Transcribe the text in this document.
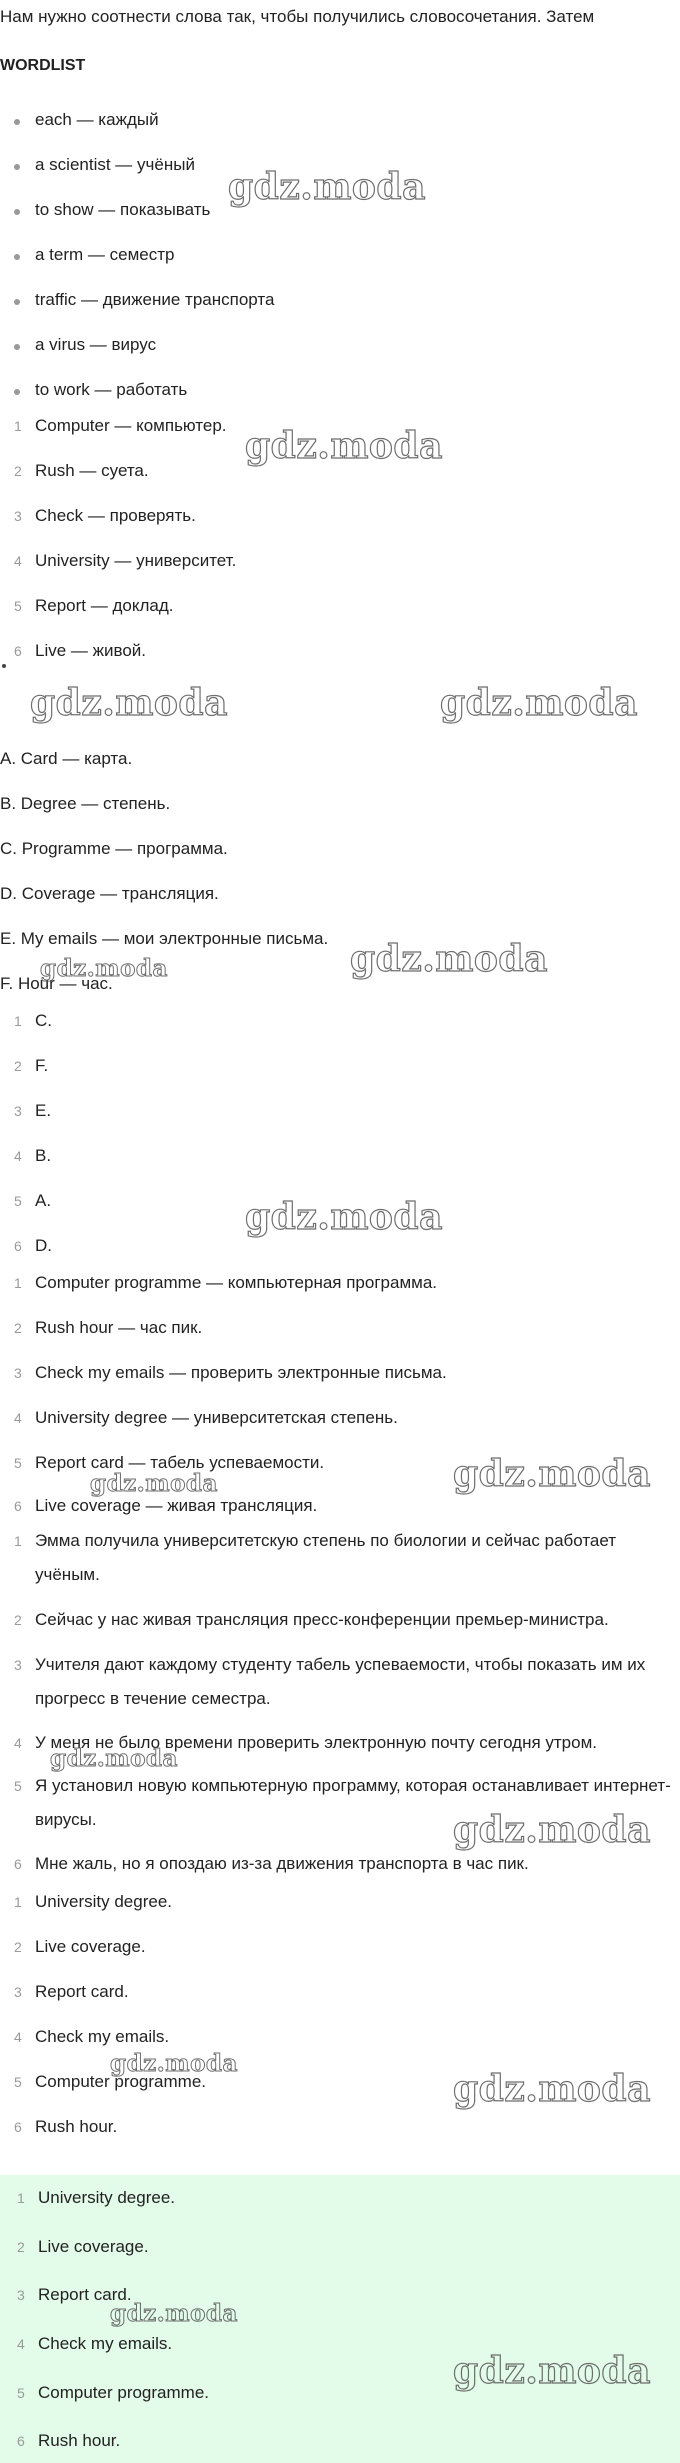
Нам нужно соотнести слова так, чтобы получились словосочетания. Затем
WORDLIST
each — каждый
a scientist — учёный
to show — показывать
a term — семестр
traffic — движение транспорта
a virus — вирус
to work — работать
1 Computer — компьютер.
2 Rush — суета.
3 Check — проверять.
4 University — университет.
5 Report — доклад.
6 Live — живой.
A. Card — карта.
B. Degree — степень.
C. Programme — программа.
D. Coverage — трансляция.
E. My emails — мои электронные письма.
F. Hour — час.
1 C.
2 F.
3 E.
4 B.
5 A.
6 D.
1 Computer programme — компьютерная программа.
2 Rush hour — час пик.
3 Check my emails — проверить электронные письма.
4 University degree — университетская степень.
5 Report card — табель успеваемости.
6 Live coverage — живая трансляция.
1 Эмма получила университетскую степень по биологии и сейчас работает учёным.
2 Сейчас у нас живая трансляция пресс-конференции премьер-министра.
3 Учителя дают каждому студенту табель успеваемости, чтобы показать им их прогресс в течение семестра.
4 У меня не было времени проверить электронную почту сегодня утром.
5 Я установил новую компьютерную программу, которая останавливает интернет-вирусы.
6 Мне жаль, но я опоздаю из-за движения транспорта в час пик.
1 University degree.
2 Live coverage.
3 Report card.
4 Check my emails.
5 Computer programme.
6 Rush hour.
1 University degree.
2 Live coverage.
3 Report card.
4 Check my emails.
5 Computer programme.
6 Rush hour.
gdz.moda
gdz.moda
gdz.moda	gdz.moda
gdz.moda
gdz.moda
gdz.moda
gdz.moda
gdz.moda
gdz.moda
gdz.moda
gdz.moda
gdz.moda
gdz.moda
gdz.moda
